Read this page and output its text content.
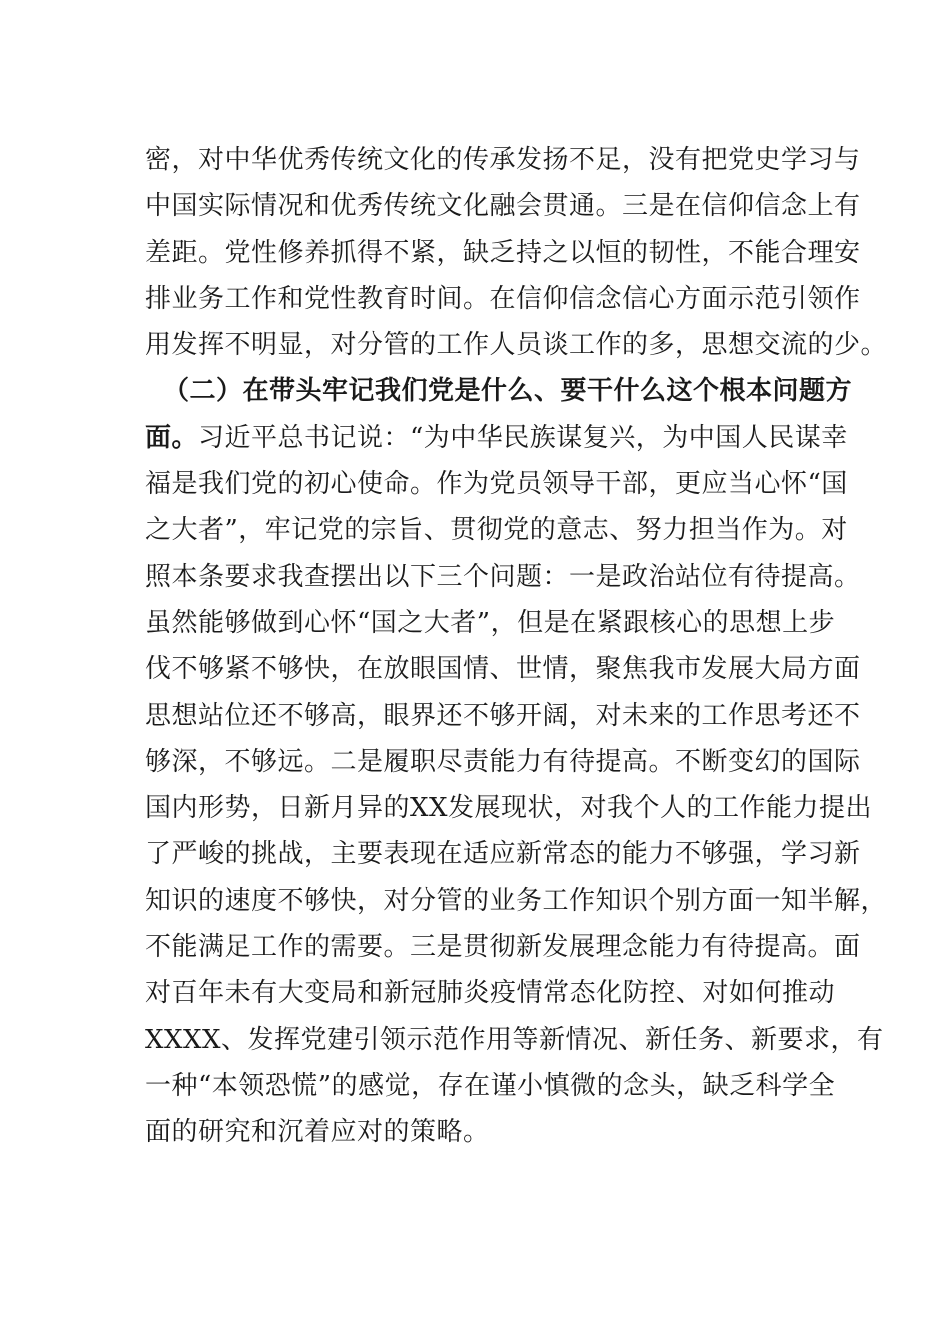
密，对中华优秀传统文化的传承发扬不足，没有把党史学习与
中国实际情况和优秀传统文化融会贯通。三是在信仰信念上有
差距。党性修养抓得不紧，缺乏持之以恒的韧性，不能合理安
排业务工作和党性教育时间。在信仰信念信心方面示范引领作
用发挥不明显，对分管的工作人员谈工作的多，思想交流的少。
（二）在带头牢记我们党是什么、要干什么这个根本问题方
面。习近平总书记说：“为中华民族谋复兴，为中国人民谋幸
福是我们党的初心使命。作为党员领导干部，更应当心怀“国
之大者”，牢记党的宗旨、贯彻党的意志、努力担当作为。对
照本条要求我查摆出以下三个问题：一是政治站位有待提高。
虽然能够做到心怀“国之大者”，但是在紧跟核心的思想上步
伐不够紧不够快，在放眼国情、世情，聚焦我市发展大局方面
思想站位还不够高，眼界还不够开阔，对未来的工作思考还不
够深，不够远。二是履职尽责能力有待提高。不断变幻的国际
国内形势，日新月异的XX发展现状，对我个人的工作能力提出
了严峻的挑战，主要表现在适应新常态的能力不够强，学习新
知识的速度不够快，对分管的业务工作知识个别方面一知半解，
不能满足工作的需要。三是贯彻新发展理念能力有待提高。面
对百年未有大变局和新冠肺炎疫情常态化防控、对如何推动
XXXX、发挥党建引领示范作用等新情况、新任务、新要求，有
一种“本领恐慌”的感觉，存在谨小慎微的念头，缺乏科学全
面的研究和沉着应对的策略。
